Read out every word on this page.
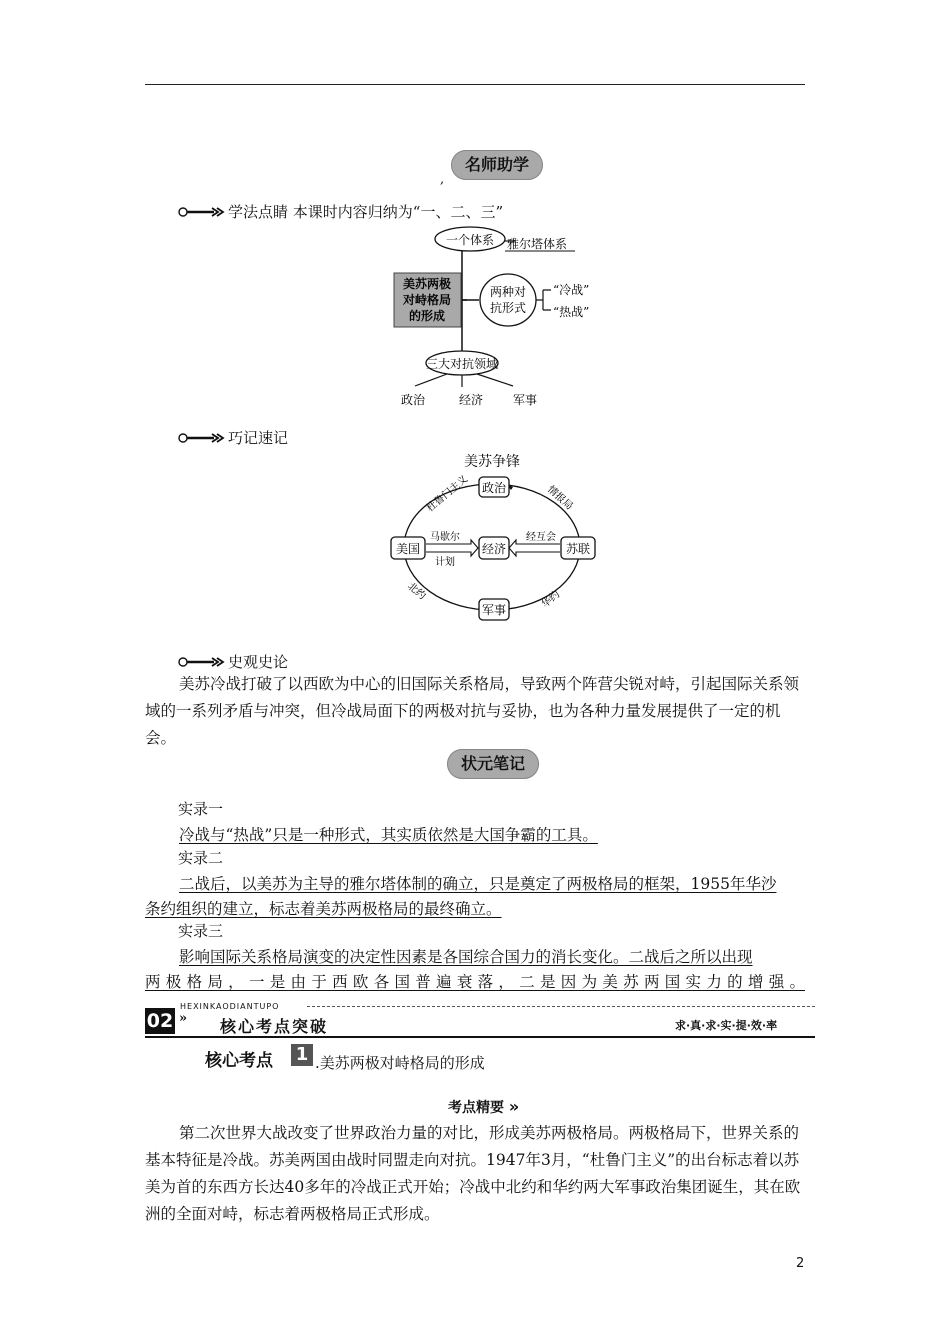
名师助学
,
学法点睛 本课时内容归纳为“一、二、三”
美苏两极
对峙格局
的形成
一个体系 雅尔塔体系
两种对
抗形式
“冷战”
“热战”
三大对抗领域
政治	经济 军事
巧记速记
美苏争锋
政治
美国	经济	苏联
军事
马歇尔
计划
经互会
杜鲁门主义	情报局
北约	华约
史观史论
美苏冷战打破了以西欧为中心的旧国际关系格局，导致两个阵营尖锐对峙，引起国际关系领域的一系列矛盾与冲突，但冷战局面下的两极对抗与妥协，也为各种力量发展提供了一定的机会。
状元笔记
实录一
冷战与“热战”只是一种形式，其实质依然是大国争霸的工具。
实录二
二战后，以美苏为主导的雅尔塔体制的确立，只是奠定了两极格局的框架，1955年华沙
条约组织的建立，标志着美苏两极格局的最终确立。
实录三
影响国际关系格局演变的决定性因素是各国综合国力的消长变化。二战后之所以出现
两极格局，一是由于西欧各国普遍衰落，二是因为美苏两国实力的增强。
02 »
HEXINKAODIANTUPO
核心考点突破	求·真·求·实·提·效·率
核心考点 1 .美苏两极对峙格局的形成
考点精要 »
第二次世界大战改变了世界政治力量的对比，形成美苏两极格局。两极格局下，世界关系的基本特征是冷战。苏美两国由战时同盟走向对抗。1947年3月，“杜鲁门主义”的出台标志着以苏美为首的东西方长达40多年的冷战正式开始；冷战中北约和华约两大军事政治集团诞生，其在欧洲的全面对峙，标志着两极格局正式形成。
2
